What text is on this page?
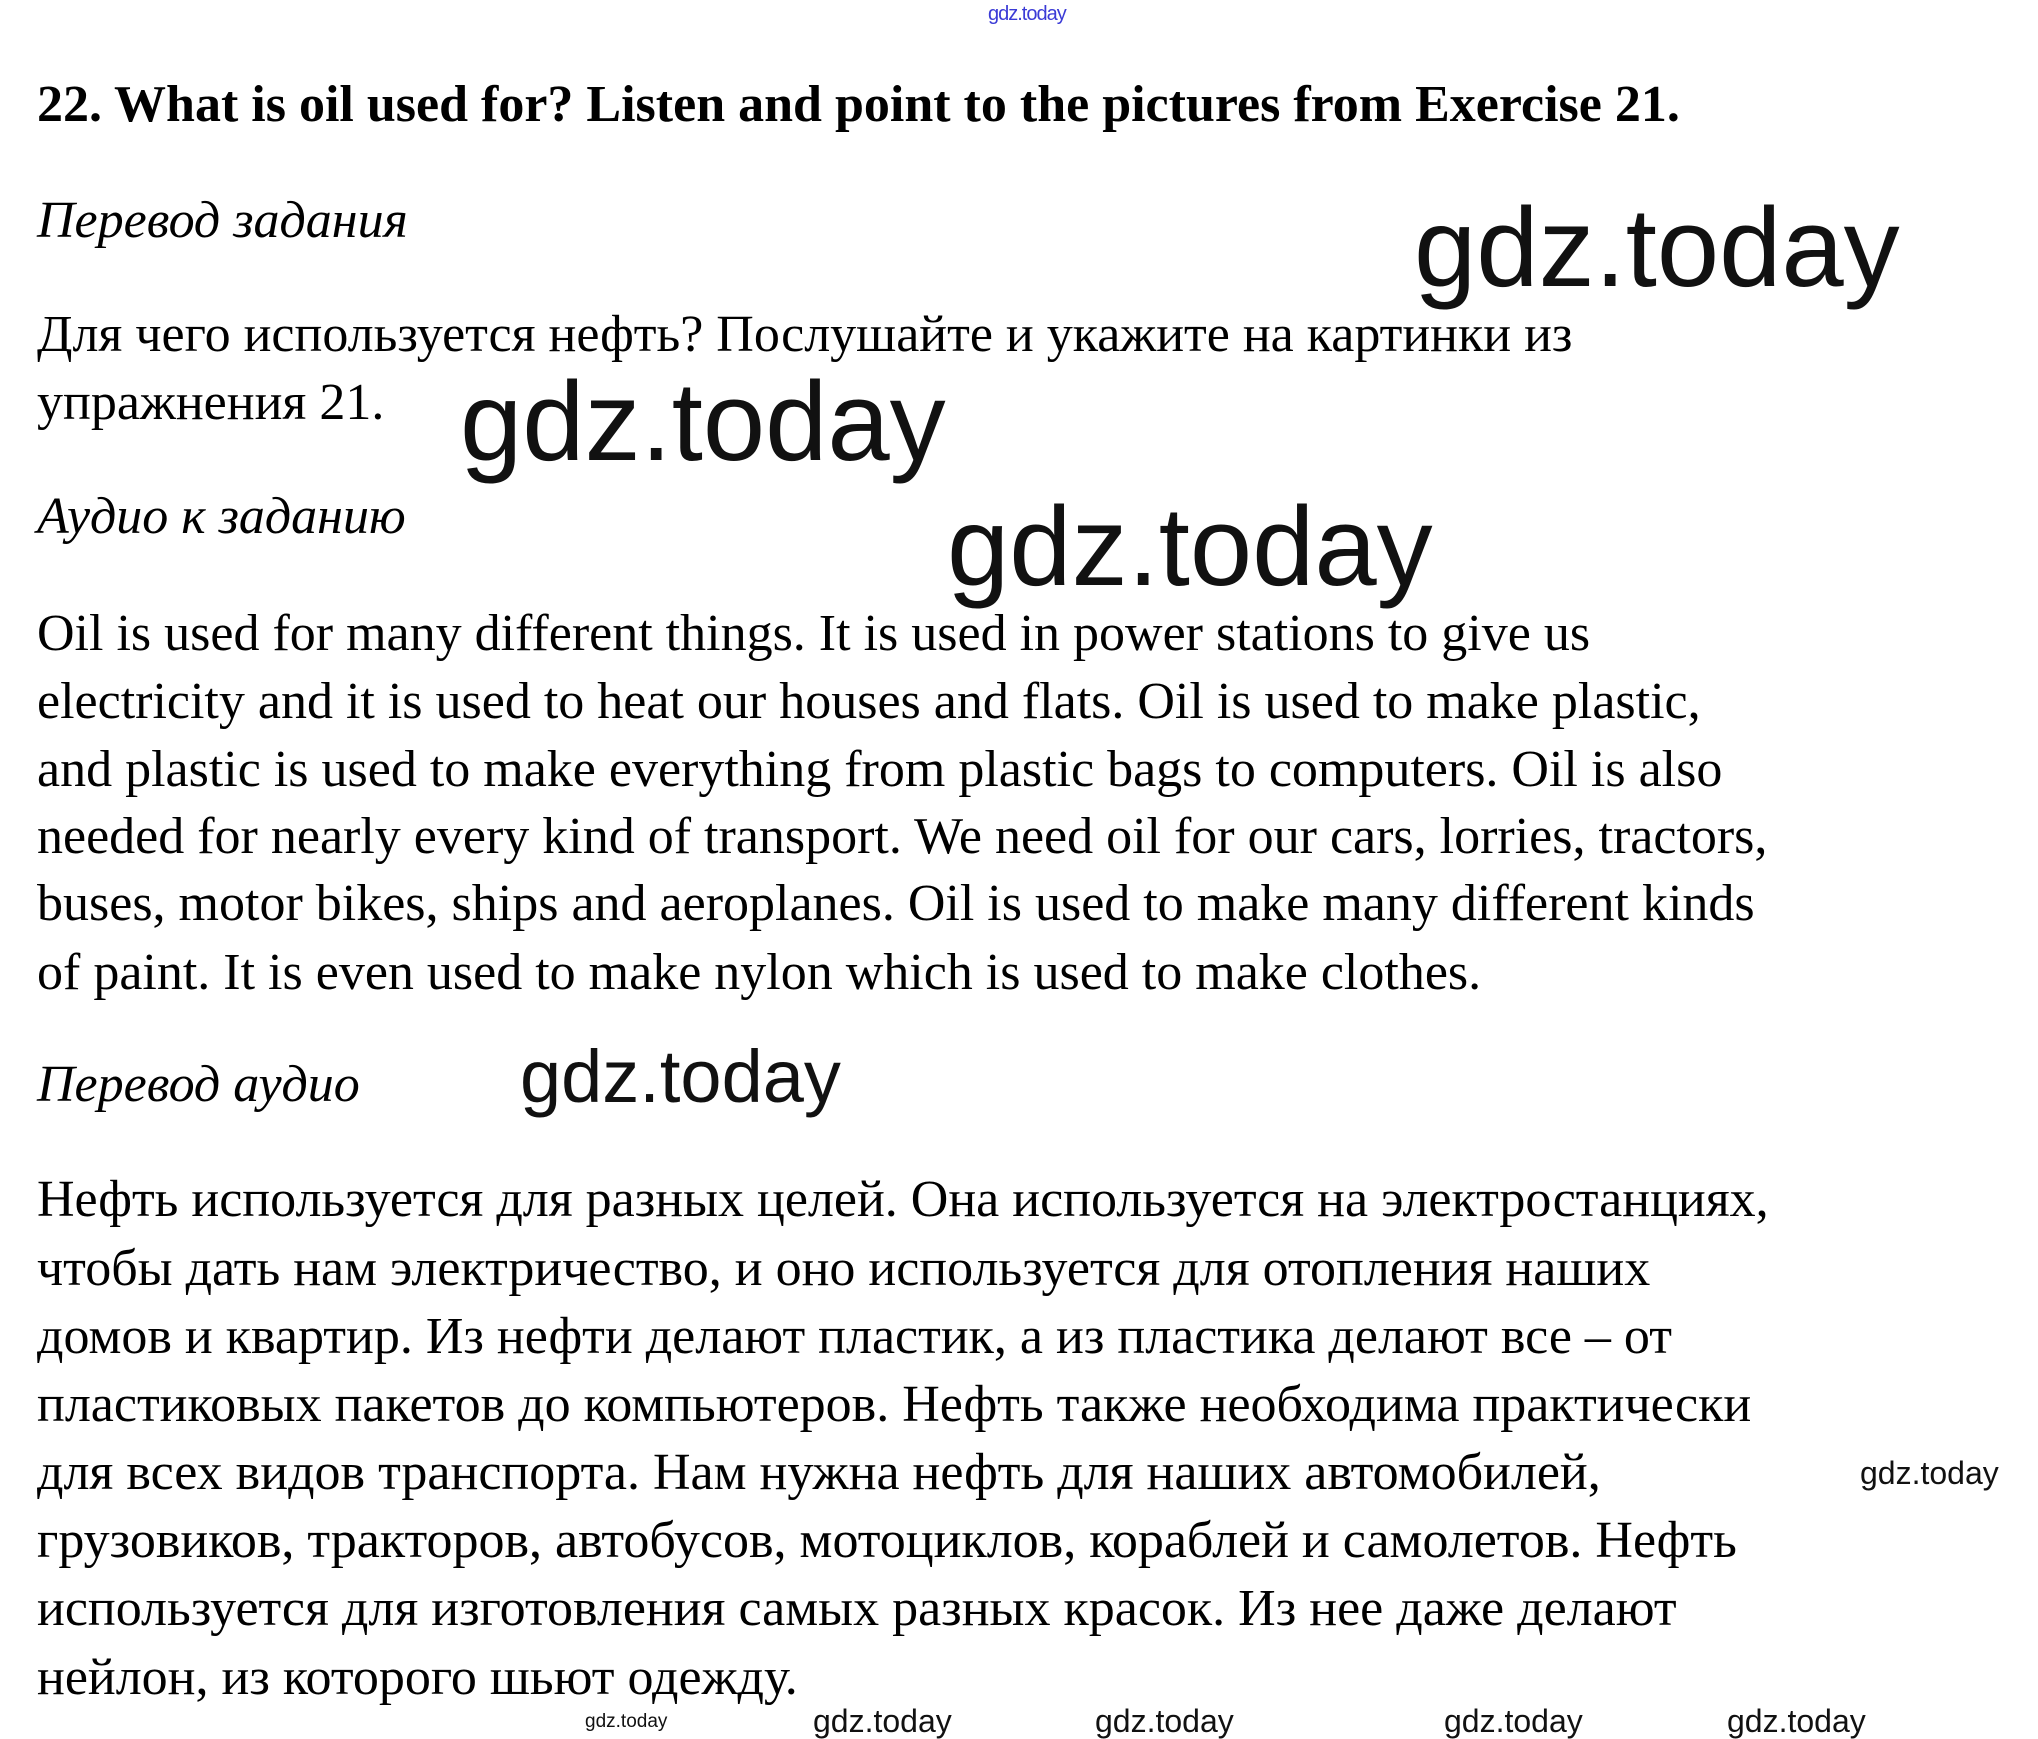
gdz.today
22. What is oil used for? Listen and point to the pictures from Exercise 21.
Перевод задания
Для чего используется нефть? Послушайте и укажите на картинки из
упражнения 21.
Аудио к заданию
Oil is used for many different things. It is used in power stations to give us
electricity and it is used to heat our houses and flats. Oil is used to make plastic,
and plastic is used to make everything from plastic bags to computers. Oil is also
needed for nearly every kind of transport. We need oil for our cars, lorries, tractors,
buses, motor bikes, ships and aeroplanes. Oil is used to make many different kinds
of paint. It is even used to make nylon which is used to make clothes.
Перевод аудио
Нефть используется для разных целей. Она используется на электростанциях,
чтобы дать нам электричество, и оно используется для отопления наших
домов и квартир. Из нефти делают пластик, а из пластика делают все – от
пластиковых пакетов до компьютеров. Нефть также необходима практически
для всех видов транспорта. Нам нужна нефть для наших автомобилей,
грузовиков, тракторов, автобусов, мотоциклов, кораблей и самолетов. Нефть
используется для изготовления самых разных красок. Из нее даже делают
нейлон, из которого шьют одежду.
gdz.today
gdz.today
gdz.today
gdz.today
gdz.today
gdz.today	gdz.today	gdz.today	gdz.today	gdz.today
